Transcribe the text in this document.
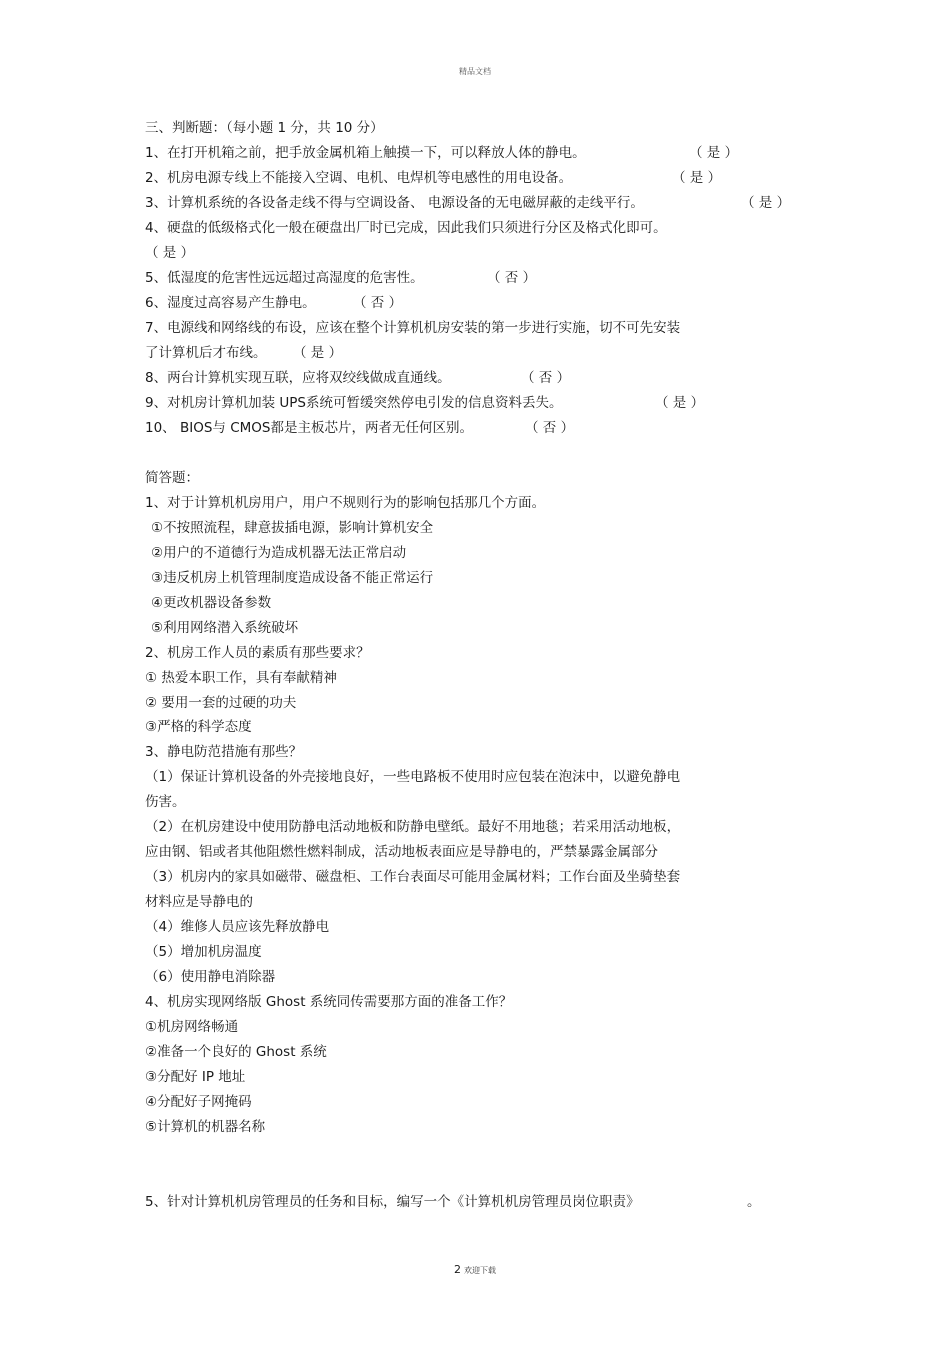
精品文档
三、判断题：（每小题 1 分，共 10 分）
1、在打开机箱之前，把手放金属机箱上触摸一下，可以释放人体的静电。	（ 是 ）
2、机房电源专线上不能接入空调、电机、电焊机等电感性的用电设备。	（ 是 ）
3、计算机系统的各设备走线不得与空调设备、 电源设备的无电磁屏蔽的走线平行。	（ 是 ）
4、硬盘的低级格式化一般在硬盘出厂时已完成，因此我们只须进行分区及格式化即可。
（ 是 ）
5、低湿度的危害性远远超过高湿度的危害性。	（ 否 ）
6、湿度过高容易产生静电。	（ 否 ）
7、电源线和网络线的布设，应该在整个计算机机房安装的第一步进行实施，切不可先安装
了计算机后才布线。 （ 是 ）
8、两台计算机实现互联，应将双绞线做成直通线。	（ 否 ）
9、对机房计算机加装 UPS系统可暂缓突然停电引发的信息资料丢失。	（ 是 ）
10、 BIOS与 CMOS都是主板芯片，两者无任何区别。	（ 否 ）
简答题：
1、对于计算机机房用户，用户不规则行为的影响包括那几个方面。
①不按照流程，肆意拔插电源，影响计算机安全
②用户的不道德行为造成机器无法正常启动
③违反机房上机管理制度造成设备不能正常运行
④更改机器设备参数
⑤利用网络潜入系统破坏
2、机房工作人员的素质有那些要求？
① 热爱本职工作，具有奉献精神
② 要用一套的过硬的功夫
③严格的科学态度
3、静电防范措施有那些？
（1）保证计算机设备的外壳接地良好，一些电路板不使用时应包装在泡沫中，以避免静电
伤害。
（2）在机房建设中使用防静电活动地板和防静电壁纸。最好不用地毯；若采用活动地板，
应由钢、铝或者其他阻燃性燃料制成，活动地板表面应是导静电的，严禁暴露金属部分
（3）机房内的家具如磁带、磁盘柜、工作台表面尽可能用金属材料；工作台面及坐骑垫套
材料应是导静电的
（4）维修人员应该先释放静电
（5）增加机房温度
（6）使用静电消除器
4、机房实现网络版 Ghost 系统同传需要那方面的准备工作？
①机房网络畅通
②准备一个良好的 Ghost 系统
③分配好 IP 地址
④分配好子网掩码
⑤计算机的机器名称
5、针对计算机机房管理员的任务和目标，编写一个《计算机机房管理员岗位职责》	。
2 欢迎下载
